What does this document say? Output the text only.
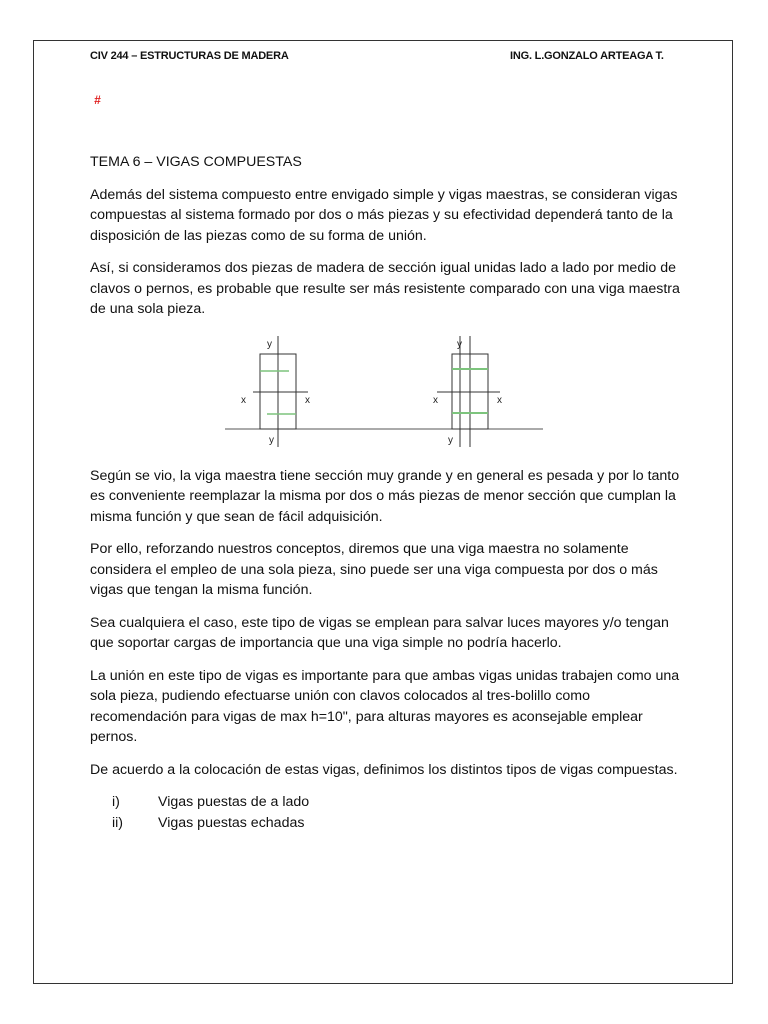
CIV 244 – ESTRUCTURAS DE MADERA	ING. L.GONZALO ARTEAGA T.
#

TEMA 6 – VIGAS COMPUESTAS

Además del sistema compuesto entre envigado simple y vigas maestras, se consideran vigas compuestas al sistema formado por dos o más piezas y su efectividad dependerá tanto de la disposición de las piezas como de su forma de unión.

Así, si consideramos dos piezas de madera de sección igual unidas lado a lado por medio de clavos o pernos, es probable que resulte ser más resistente comparado con una viga maestra de una sola pieza.

y
y
x	x
y
y
x	x

Según se vio, la viga maestra tiene sección muy grande y en general es pesada y por lo tanto es conveniente reemplazar la misma por dos o más piezas de menor sección que cumplan la misma función y que sean de fácil adquisición.

Por ello, reforzando nuestros conceptos, diremos que una viga maestra no solamente considera el empleo de una sola pieza, sino puede ser una viga compuesta por dos o más vigas que tengan la misma función.

Sea cualquiera el caso, este tipo de vigas se emplean para salvar luces mayores y/o tengan que soportar cargas de importancia que una viga simple no podría hacerlo.

La unión en este tipo de vigas es importante para que ambas vigas unidas trabajen como una sola pieza, pudiendo efectuarse unión con clavos colocados al tres-bolillo como recomendación para vigas de max h=10", para alturas mayores es aconsejable emplear pernos.

De acuerdo a la colocación de estas vigas, definimos los distintos tipos de vigas compuestas.

i)	Vigas puestas de a lado
ii)	Vigas puestas echadas
